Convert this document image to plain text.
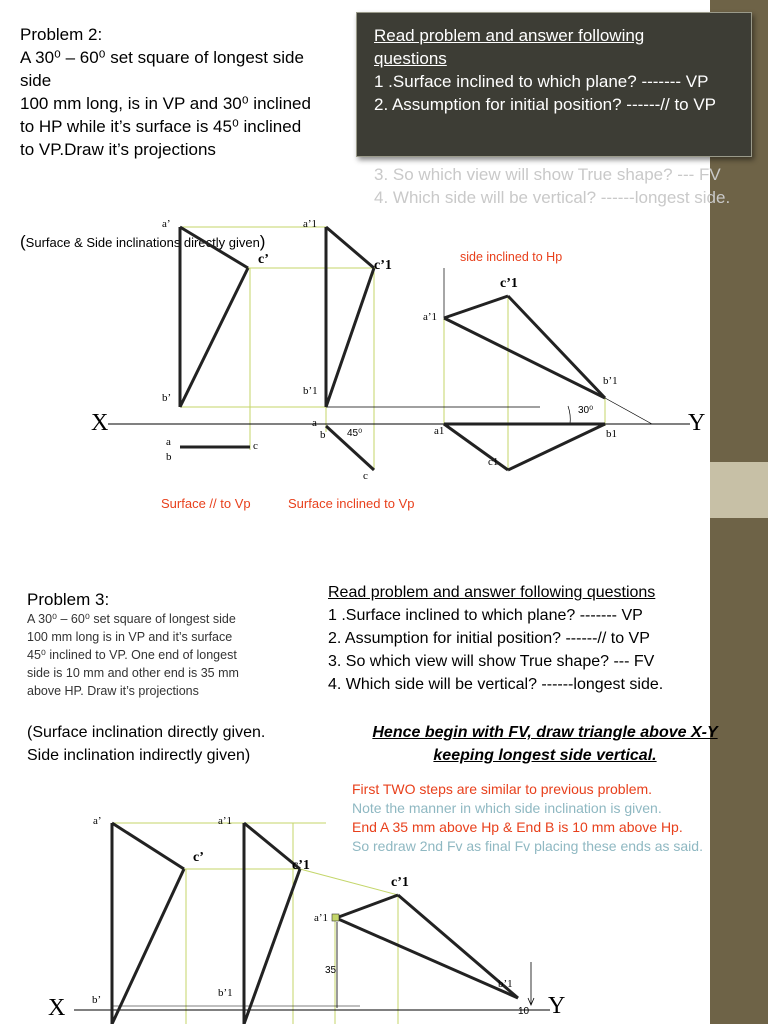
Problem 2:
A 30⁰ – 60⁰ set square of longest side
side
100 mm long, is in VP and 30⁰ inclined
to HP while it’s surface is 45⁰ inclined
to VP.Draw it’s projections
(Surface & Side inclinations directly given)
3. So which view will show True shape? --- FV
4. Which side will be vertical? ------longest side.
Read problem and answer following
questions
1 .Surface inclined to which plane? ------- VP
2. Assumption for initial position? ------// to VP
X	Y
a’
c’
b’
a’1
c’1
b’1
a
b
c
a
b
c
45⁰	a1	b1
c1
a’1
c’1
b’1
30⁰
side inclined to Hp
Surface // to Vp	Surface inclined to Vp
Problem 3:
A 30⁰ – 60⁰ set square of longest side
100 mm long is in VP and it’s surface
45⁰ inclined to VP. One end of longest
side is 10 mm and other end is 35 mm
above HP. Draw it’s projections
(Surface inclination directly given.
Side inclination indirectly given)
Read problem and answer following questions
1 .Surface inclined to which plane? ------- VP
2. Assumption for initial position? ------// to VP
3. So which view will show True shape? --- FV
4. Which side will be vertical? ------longest side.
Hence begin with FV, draw triangle above X-Y
keeping longest side vertical.
First TWO steps are similar to previous problem.
Note the manner in which side inclination is given.
End A 35 mm above Hp & End B is 10 mm above Hp.
So redraw 2nd Fv as final Fv placing these ends as said.
X	Y
a’
c’
b’
a’1
c’1
b’1
c’1
a’1
b’1
35
10
